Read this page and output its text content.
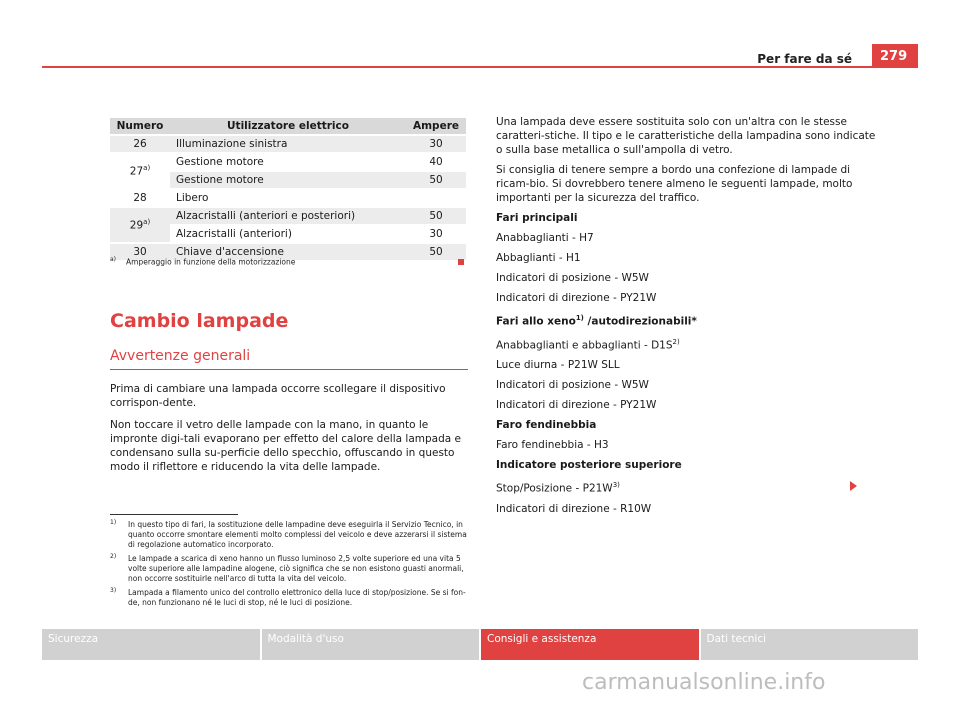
Per fare da sé	279
Numero	Utilizzatore elettrico	Ampere
26	Illuminazione sinistra	30
27$^{a)}$	Gestione motore	40
	Gestione motore	50
28	Libero	
29$^{a)}$	Alzacristalli (anteriori e posteriori)	50
	Alzacristalli (anteriori)	30
30	Chiave d'accensione	50
$^{a)}$ Amperaggio in funzione della motorizzazione
Cambio lampade
Avvertenze generali

Prima di cambiare una lampada occorre scollegare il dispositivo corrispon-dente.

Non toccare il vetro delle lampade con la mano, in quanto le impronte digi-tali evaporano per effetto del calore della lampada e condensano sulla su-perficie dello specchio, offuscando in questo modo il riflettore e riducendo la vita delle lampade.

Una lampada deve essere sostituita solo con un'altra con le stesse caratteri-stiche. Il tipo e le caratteristiche della lampadina sono indicate o sulla base metallica o sull'ampolla di vetro.

Si consiglia di tenere sempre a bordo una confezione di lampade di ricam-bio. Si dovrebbero tenere almeno le seguenti lampade, molto importanti per la sicurezza del traffico.

Fari principali

Anabbaglianti - H7

Abbaglianti - H1

Indicatori di posizione - W5W

Indicatori di direzione - PY21W

Fari allo xeno$^{1)}$ /autodirezionabili*

Anabbaglianti e abbaglianti - $D1S^{2)}$

Luce diurna - P21W SLL

Indicatori di posizione - W5W

Indicatori di direzione - PY21W

Faro fendinebbia

Faro fendinebbia - H3

Indicatore posteriore superiore

Stop/Posizione - $P21W^{3)}$

Indicatori di direzione - R10W

1) In questo tipo di fari, la sostituzione delle lampadine deve eseguirla il Servizio Tecnico, in quanto occorre smontare elementi molto complessi del veicolo e deve azzerarsi il sistema di regolazione automatico incorporato.
2) Le lampade a scarica di xeno hanno un flusso luminoso 2,5 volte superiore ed una vita 5 volte superiore alle lampadine alogene, ciò significa che se non esistono guasti anormali, non occorre sostituirle nell'arco di tutta la vita del veicolo.
3) Lampada a filamento unico del controllo elettronico della luce di stop/posizione. Se si fon-de, non funzionano né le luci di stop, né le luci di posizione.
Sicurezza	Modalità d'uso	Consigli e assistenza	Dati tecnici
carmanualsonline.info
